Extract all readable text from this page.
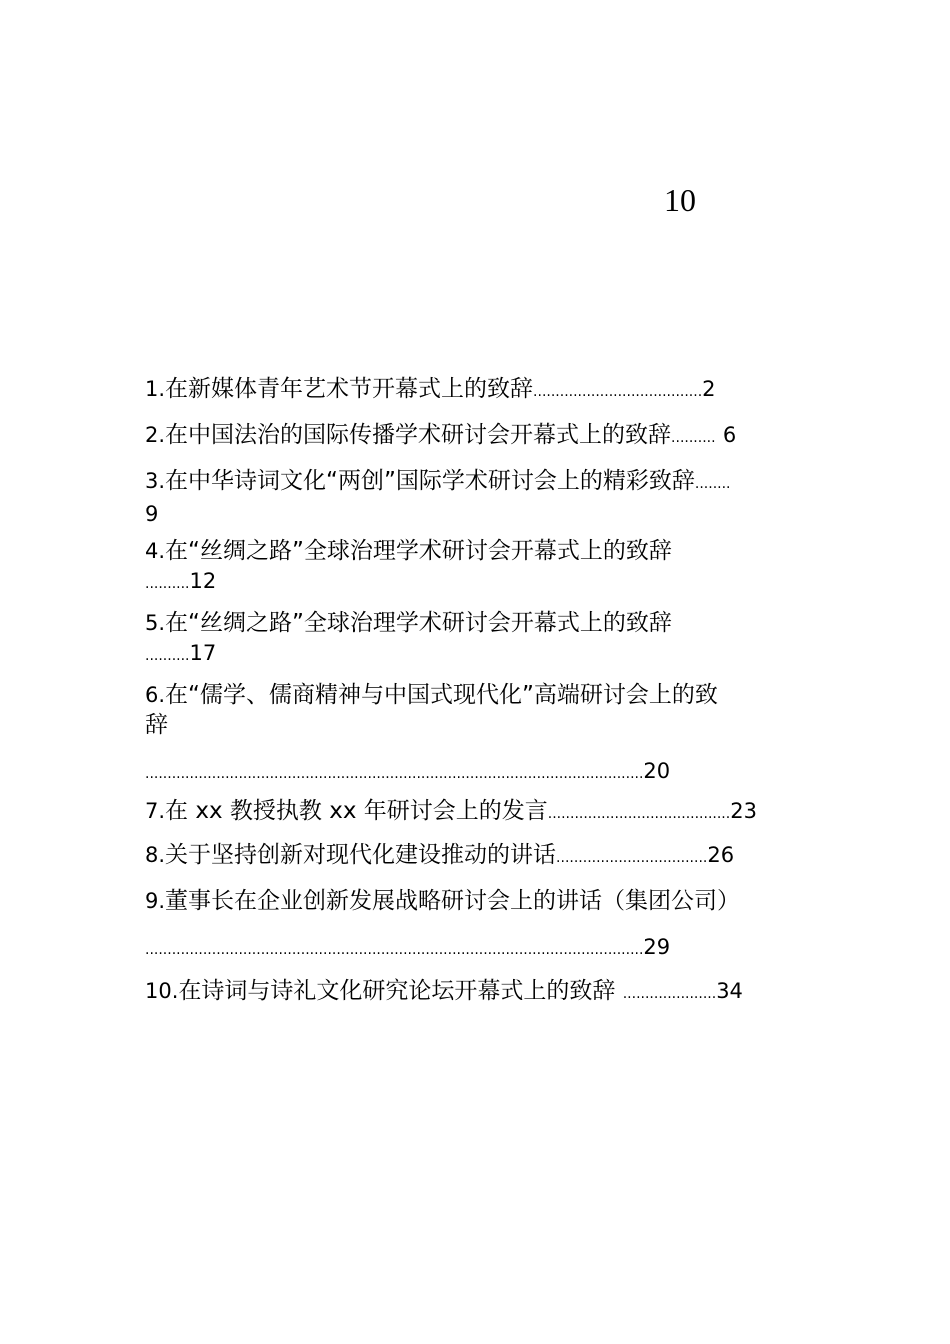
10
1.在新媒体青年艺术节开幕式上的致辞......................................2
2.在中国法治的国际传播学术研讨会开幕式上的致辞.......... 6
3.在中华诗词文化“两创”国际学术研讨会上的精彩致辞........
9
4.在“丝绸之路”全球治理学术研讨会开幕式上的致辞
..........12
5.在“丝绸之路”全球治理学术研讨会开幕式上的致辞
..........17
6.在“儒学、儒商精神与中国式现代化”高端研讨会上的致
辞
................................................................................................................20
7.在 xx 教授执教 xx 年研讨会上的发言.........................................23
8.关于坚持创新对现代化建设推动的讲话..................................26
9.董事长在企业创新发展战略研讨会上的讲话（集团公司）
................................................................................................................29
10.在诗词与诗礼文化研究论坛开幕式上的致辞 .....................34
